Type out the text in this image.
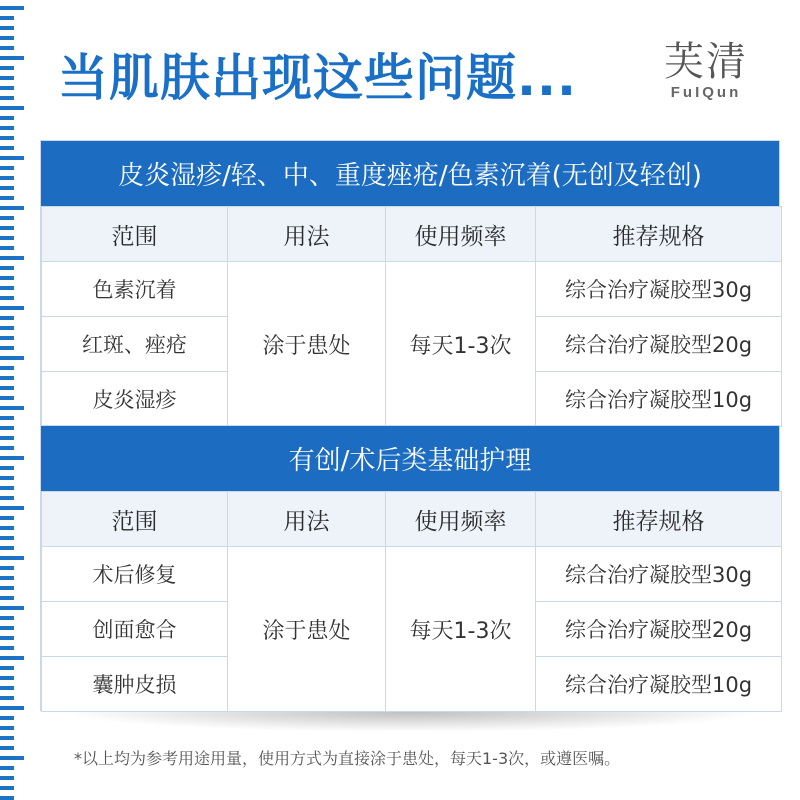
当肌肤出现这些问题... 芙清
FuIQun
皮炎湿疹/轻、中、重度痤疮/色素沉着(无创及轻创)
范围	用法	使用频率	推荐规格
色素沉着	涂于患处	每天1-3次	综合治疗凝胶型30g
红斑、痤疮			综合治疗凝胶型20g
皮炎湿疹			综合治疗凝胶型10g
有创/术后类基础护理
范围	用法	使用频率	推荐规格
术后修复	涂于患处	每天1-3次	综合治疗凝胶型30g
创面愈合			综合治疗凝胶型20g
囊肿皮损			综合治疗凝胶型10g
*以上均为参考用途用量，使用方式为直接涂于患处，每天1-3次，或遵医嘱。
